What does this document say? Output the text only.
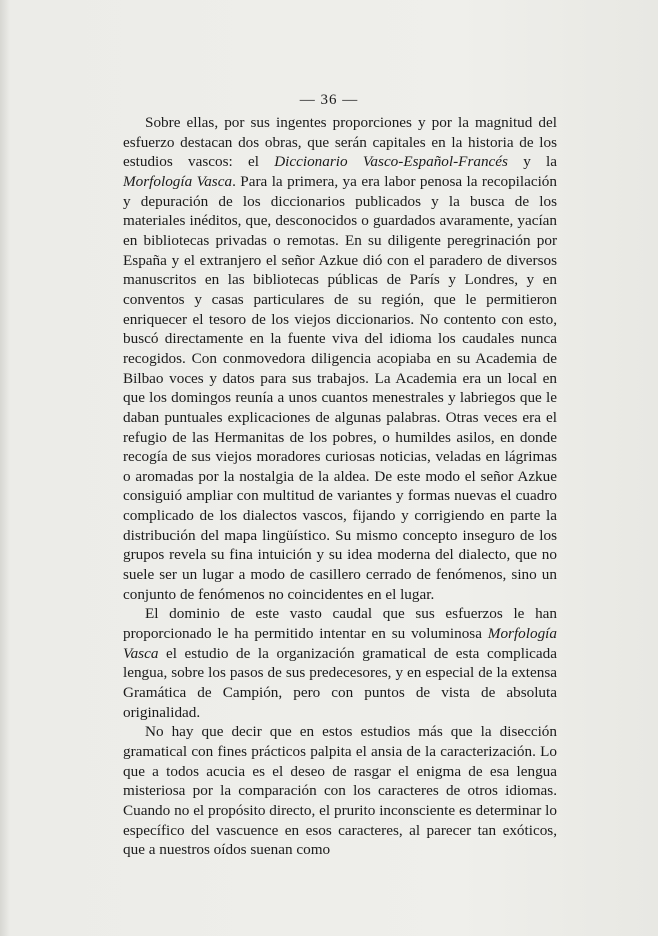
— 36 —

Sobre ellas, por sus ingentes proporciones y por la magnitud del esfuerzo destacan dos obras, que serán capitales en la historia de los estudios vascos: el Diccionario Vasco-Español-Francés y la Morfología Vasca. Para la primera, ya era labor penosa la recopilación y depuración de los diccionarios publicados y la busca de los materiales inéditos, que, desconocidos o guardados avaramente, yacían en bibliotecas privadas o remotas. En su diligente peregrinación por España y el extranjero el señor Azkue dió con el paradero de diversos manuscritos en las bibliotecas públicas de París y Londres, y en conventos y casas particulares de su región, que le permitieron enriquecer el tesoro de los viejos diccionarios. No contento con esto, buscó directamente en la fuente viva del idioma los caudales nunca recogidos. Con conmovedora diligencia acopiaba en su Academia de Bilbao voces y datos para sus trabajos. La Academia era un local en que los domingos reunía a unos cuantos menestrales y labriegos que le daban puntuales explicaciones de algunas palabras. Otras veces era el refugio de las Hermanitas de los pobres, o humildes asilos, en donde recogía de sus viejos moradores curiosas noticias, veladas en lágrimas o aromadas por la nostalgia de la aldea. De este modo el señor Azkue consiguió ampliar con multitud de variantes y formas nuevas el cuadro complicado de los dialectos vascos, fijando y corrigiendo en parte la distribución del mapa lingüístico. Su mismo concepto inseguro de los grupos revela su fina intuición y su idea moderna del dialecto, que no suele ser un lugar a modo de casillero cerrado de fenómenos, sino un conjunto de fenómenos no coincidentes en el lugar.

El dominio de este vasto caudal que sus esfuerzos le han proporcionado le ha permitido intentar en su voluminosa Morfología Vasca el estudio de la organización gramatical de esta complicada lengua, sobre los pasos de sus predecesores, y en especial de la extensa Gramática de Campión, pero con puntos de vista de absoluta originalidad.

No hay que decir que en estos estudios más que la disección gramatical con fines prácticos palpita el ansia de la caracterización. Lo que a todos acucia es el deseo de rasgar el enigma de esa lengua misteriosa por la comparación con los caracteres de otros idiomas. Cuando no el propósito directo, el prurito inconsciente es determinar lo específico del vascuence en esos caracteres, al parecer tan exóticos, que a nuestros oídos suenan como
